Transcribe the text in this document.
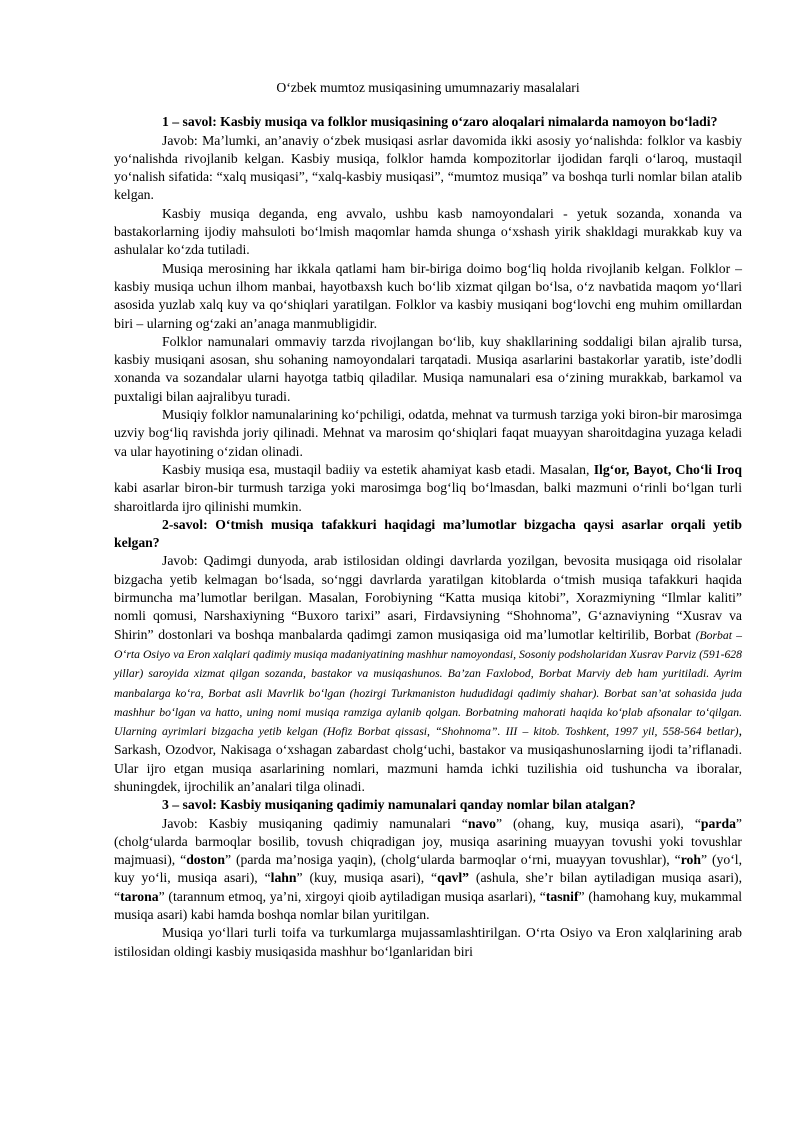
O‘zbek mumtoz musiqasining umumnazariy masalalari

1 – savol: Kasbiy musiqa va folklor musiqasining o‘zaro aloqalari nimalarda namoyon bo‘ladi?

Javob: Ma’lumki, an’anaviy o‘zbek musiqasi asrlar davomida ikki asosiy yo‘nalishda: folklor va kasbiy yo‘nalishda rivojlanib kelgan. Kasbiy musiqa, folklor hamda kompozitorlar ijodidan farqli o‘laroq, mustaqil yo‘nalish sifatida: “xalq musiqasi”, “xalq-kasbiy musiqasi”, “mumtoz musiqa” va boshqa turli nomlar bilan atalib kelgan.

Kasbiy musiqa deganda, eng avvalo, ushbu kasb namoyondalari - yetuk sozanda, xonanda va bastakorlarning ijodiy mahsuloti bo‘lmish maqomlar hamda shunga o‘xshash yirik shakldagi murakkab kuy va ashulalar ko‘zda tutiladi.

Musiqa merosining har ikkala qatlami ham bir-biriga doimo bog‘liq holda rivojlanib kelgan. Folklor – kasbiy musiqa uchun ilhom manbai, hayotbaxsh kuch bo‘lib xizmat qilgan bo‘lsa, o‘z navbatida maqom yo‘llari asosida yuzlab xalq kuy va qo‘shiqlari yaratilgan. Folklor va kasbiy musiqani bog‘lovchi eng muhim omillardan biri – ularning og‘zaki an’anaga manmubligidir.

Folklor namunalari ommaviy tarzda rivojlangan bo‘lib, kuy shakllarining soddaligi bilan ajralib tursa, kasbiy musiqani asosan, shu sohaning namoyondalari tarqatadi. Musiqa asarlarini bastakorlar yaratib, iste’dodli xonanda va sozandalar ularni hayotga tatbiq qiladilar. Musiqa namunalari esa o‘zining murakkab, barkamol va puxtaligi bilan aajralibyu turadi.

Musiqiy folklor namunalarining ko‘pchiligi, odatda, mehnat va turmush tarziga yoki biron-bir marosimga uzviy bog‘liq ravishda joriy qilinadi. Mehnat va marosim qo‘shiqlari faqat muayyan sharoitdagina yuzaga keladi va ular hayotining o‘zidan olinadi.

Kasbiy musiqa esa, mustaqil badiiy va estetik ahamiyat kasb etadi. Masalan, Ilg‘or, Bayot, Cho‘li Iroq kabi asarlar biron-bir turmush tarziga yoki marosimga bog‘liq bo‘lmasdan, balki mazmuni o‘rinli bo‘lgan turli sharoitlarda ijro qilinishi mumkin.

2-savol: O‘tmish musiqa tafakkuri haqidagi ma’lumotlar bizgacha qaysi asarlar orqali yetib kelgan?

Javob: Qadimgi dunyoda, arab istilosidan oldingi davrlarda yozilgan, bevosita musiqaga oid risolalar bizgacha yetib kelmagan bo‘lsada, so‘nggi davrlarda yaratilgan kitoblarda o‘tmish musiqa tafakkuri haqida birmuncha ma’lumotlar berilgan. Masalan, Forobiyning “Katta musiqa kitobi”, Xorazmiyning “Ilmlar kaliti” nomli qomusi, Narshaxiyning “Buxoro tarixi” asari, Firdavsiyning “Shohnoma”, G‘aznaviyning “Xusrav va Shirin” dostonlari va boshqa manbalarda qadimgi zamon musiqasiga oid ma’lumotlar keltirilib, Borbat (Borbat – O‘rta Osiyo va Eron xalqlari qadimiy musiqa madaniyatining mashhur namoyondasi, Sosoniy podsholaridan Xusrav Parviz (591-628 yillar) saroyida xizmat qilgan sozanda, bastakor va musiqashunos. Ba’zan Faxlobod, Borbat Marviy deb ham yuritiladi. Ayrim manbalarga ko‘ra, Borbat asli Mavrlik bo‘lgan (hozirgi Turkmaniston hududidagi qadimiy shahar). Borbat san’at sohasida juda mashhur bo‘lgan va hatto, uning nomi musiqa ramziga aylanib qolgan. Borbatning mahorati haqida ko‘plab afsonalar to‘qilgan. Ularning ayrimlari bizgacha yetib kelgan (Hofiz Borbat qissasi, “Shohnoma”. III – kitob. Toshkent, 1997 yil, 558-564 betlar), Sarkash, Ozodvor, Nakisaga o‘xshagan zabardast cholg‘uchi, bastakor va musiqashunoslarning ijodi ta’riflanadi. Ular ijro etgan musiqa asarlarining nomlari, mazmuni hamda ichki tuzilishia oid tushuncha va iboralar, shuningdek, ijrochilik an’analari tilga olinadi.

3 – savol: Kasbiy musiqaning qadimiy namunalari qanday nomlar bilan atalgan?

Javob: Kasbiy musiqaning qadimiy namunalari “navo” (ohang, kuy, musiqa asari), “parda” (cholg‘ularda barmoqlar bosilib, tovush chiqradigan joy, musiqa asarining muayyan tovushi yoki tovushlar majmuasi), “doston” (parda ma’nosiga yaqin), (cholg‘ularda barmoqlar o‘rni, muayyan tovushlar), “roh” (yo‘l, kuy yo‘li, musiqa asari), “lahn” (kuy, musiqa asari), “qavl” (ashula, she’r bilan aytiladigan musiqa asari), “tarona” (tarannum etmoq, ya’ni, xirgoyi qioib aytiladigan musiqa asarlari), “tasnif” (hamohang kuy, mukammal musiqa asari) kabi hamda boshqa nomlar bilan yuritilgan.

Musiqa yo‘llari turli toifa va turkumlarga mujassamlashtirilgan. O‘rta Osiyo va Eron xalqlarining arab istilosidan oldingi kasbiy musiqasida mashhur bo‘lganlaridan biri
